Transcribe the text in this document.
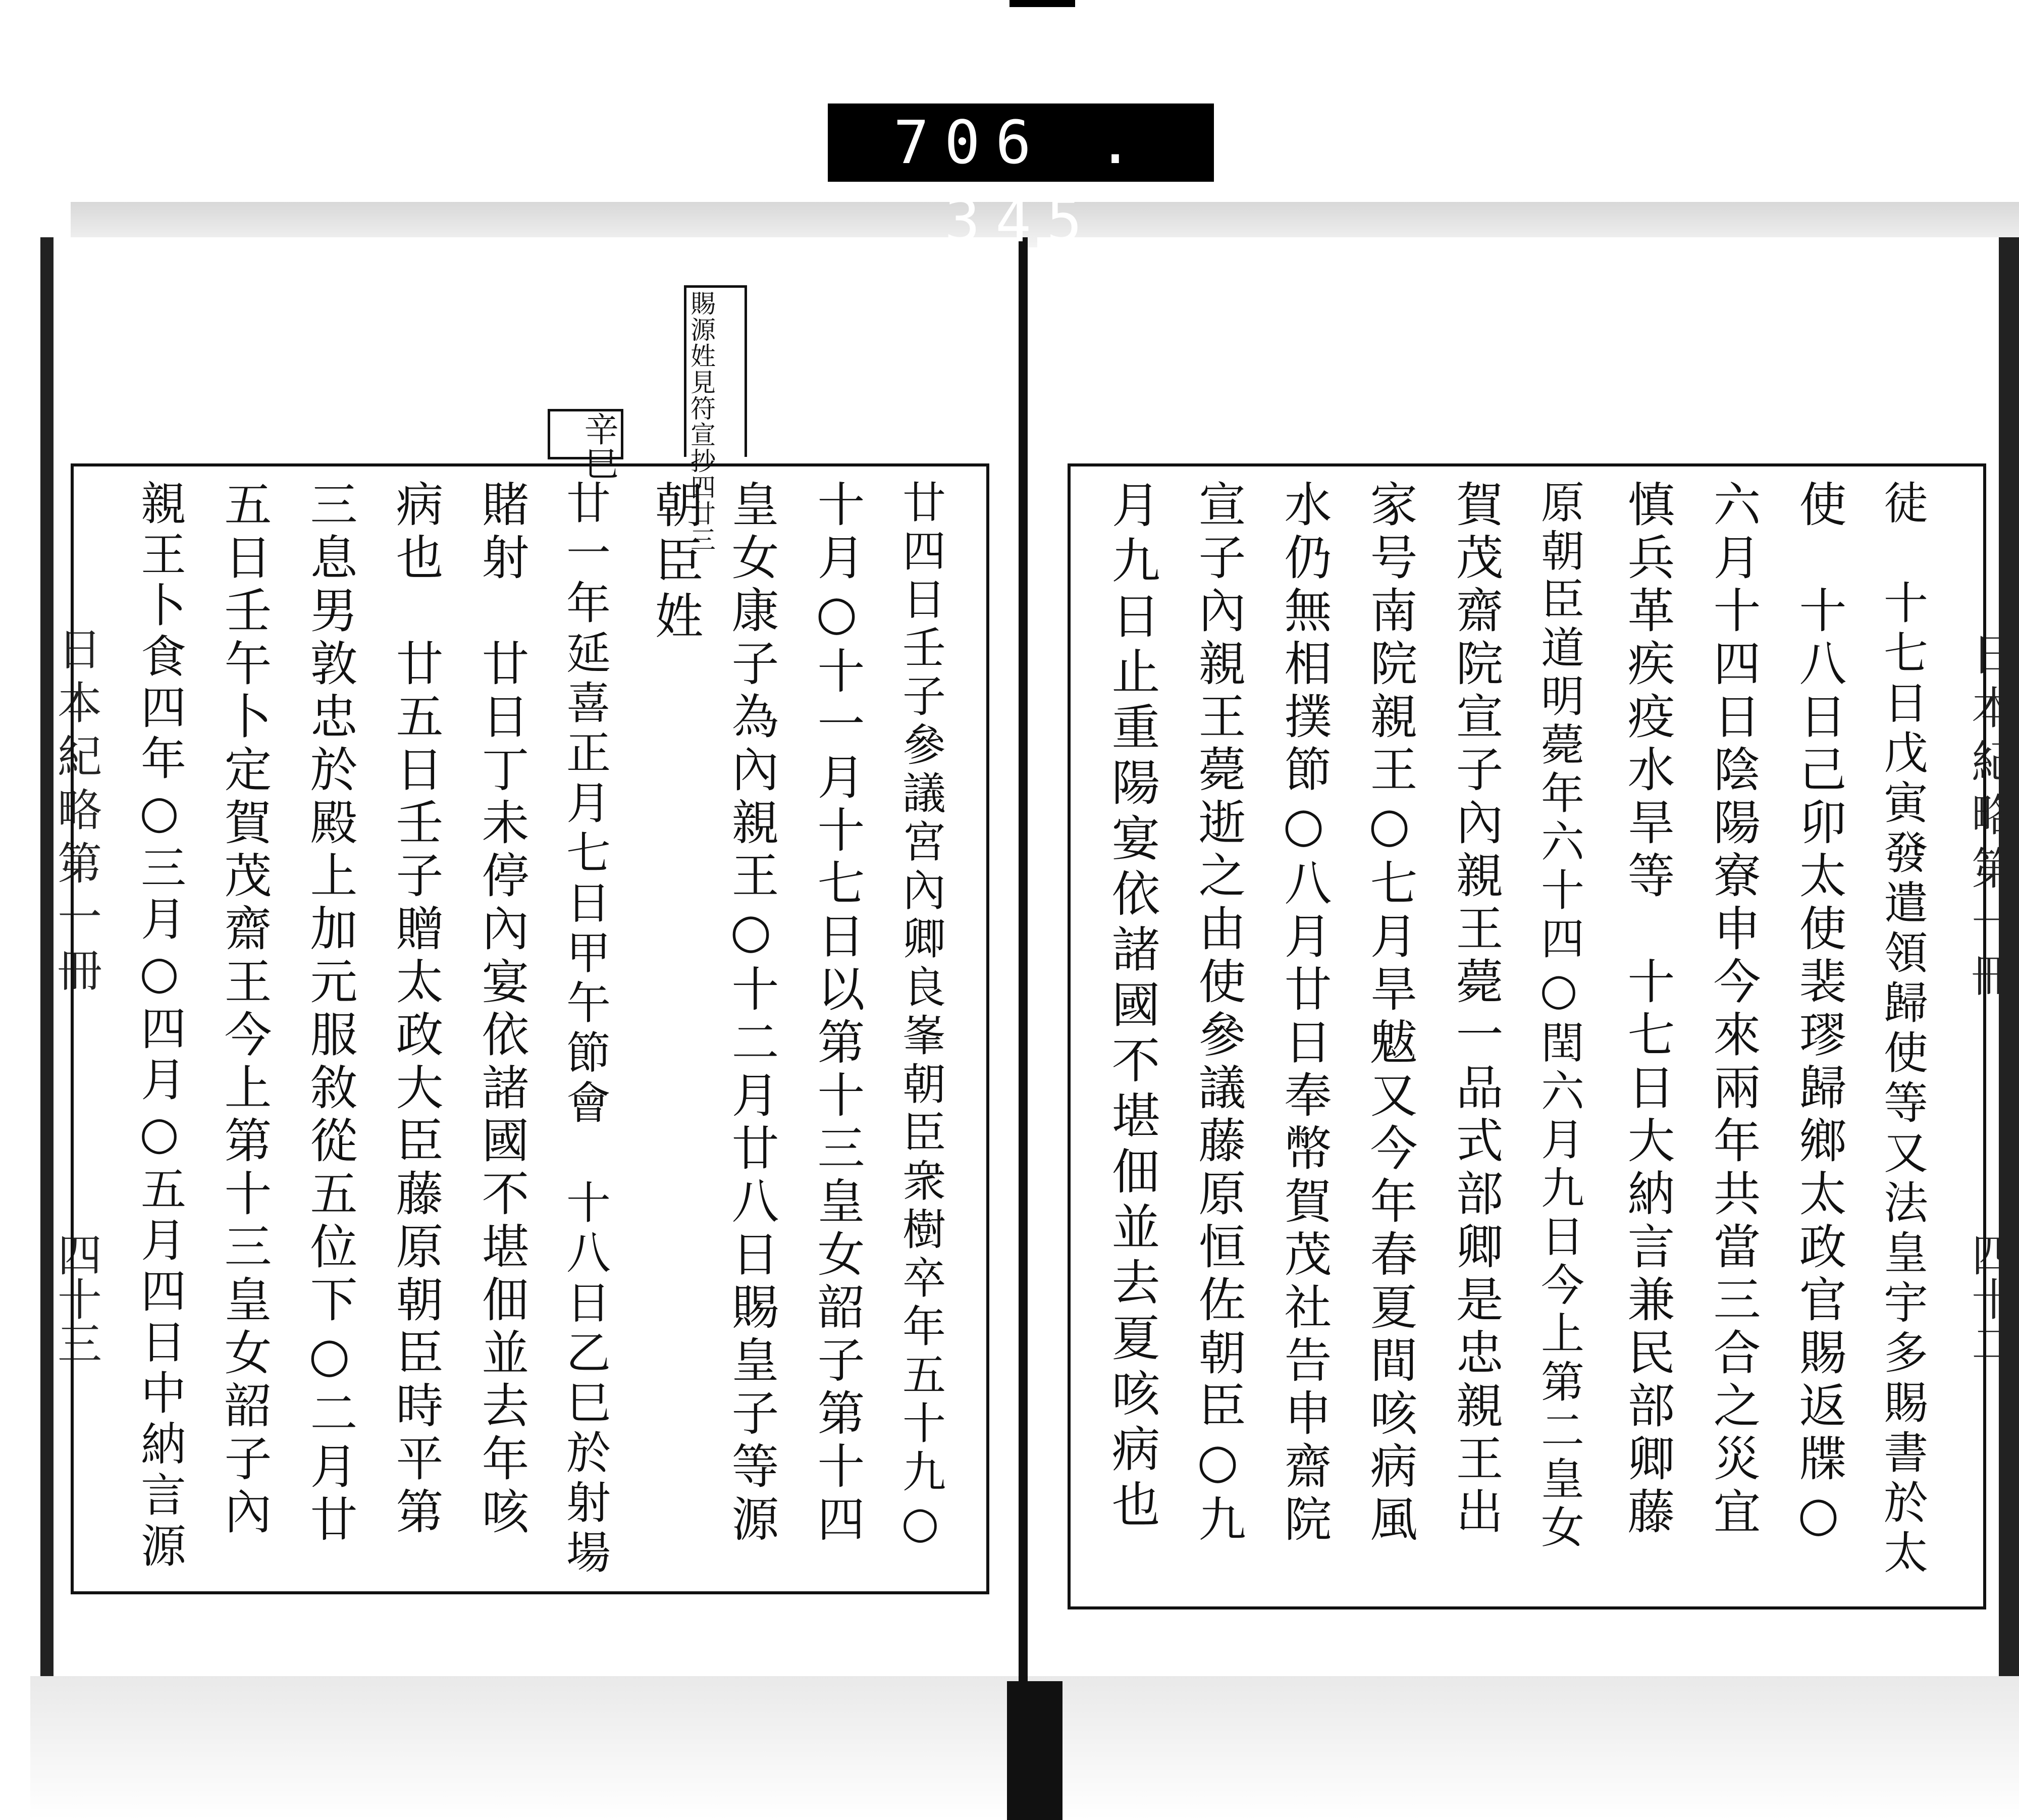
706 . 345
賜源姓見符宣抄四廿三
辛巳
日本紀略第一冊
四十三
日本紀略第一冊
四十二
廿四日壬子參議宮內卿良峯朝臣衆樹卒年五十九○
十月○十一月十七日以第十三皇女韶子第十四
皇女康子為內親王○十二月廿八日賜皇子等源
朝臣姓
廿一年延喜正月七日甲午節會　十八日乙巳於射場
賭射　廿日丁未停內宴依諸國不堪佃並去年咳
病也　廿五日壬子贈太政大臣藤原朝臣時平第
三息男敦忠於殿上加元服敘從五位下○二月廿
五日壬午卜定賀茂齋王今上第十三皇女韶子內
親王卜食四年○三月○四月○五月四日中納言源	徒　十七日戊寅發遣領歸使等又法皇宇多賜書於太
使　十八日己卯太使裴璆歸鄉太政官賜返牒○
六月十四日陰陽寮申今來兩年共當三合之災宜
慎兵革疾疫水旱等　十七日大納言兼民部卿藤
原朝臣道明薨年六十四○閏六月九日今上第二皇女
賀茂齋院宣子內親王薨一品式部卿是忠親王出
家号南院親王○七月旱魃又今年春夏間咳病風
水仍無相撲節○八月廿日奉幣賀茂社告申齋院
宣子內親王薨逝之由使參議藤原恒佐朝臣○九
月九日止重陽宴依諸國不堪佃並去夏咳病也
